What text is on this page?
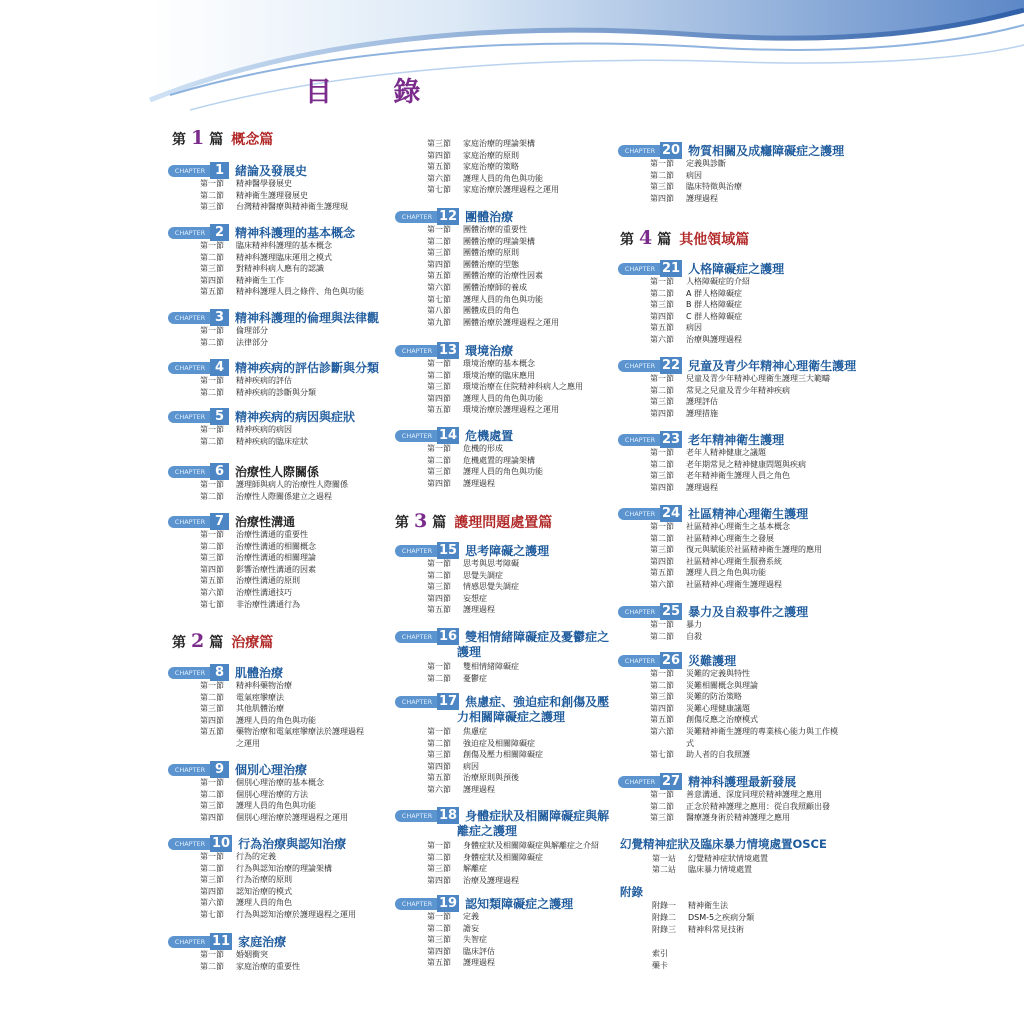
目 錄
第 1 篇 概念篇
第 2 篇 治療篇
第 3 篇 護理問題處置篇
第 4 篇 其他領域篇
CHAPTER 1 緒論及發展史
第一節 精神醫學發展史
第二節 精神衛生護理發展史
第三節 台灣精神醫療與精神衛生護理現
CHAPTER 2 精神科護理的基本概念
第一節 臨床精神科護理的基本概念
第二節 精神科護理臨床運用之模式
第三節 對精神科病人應有的認識
第四節 精神衛生工作
第五節 精神科護理人員之條件、角色與功能
CHAPTER 3 精神科護理的倫理與法律觀
第一節 倫理部分
第二節 法律部分
CHAPTER 4 精神疾病的評估診斷與分類
第一節 精神疾病的評估
第二節 精神疾病的診斷與分類
CHAPTER 5 精神疾病的病因與症狀
第一節 精神疾病的病因
第二節 精神疾病的臨床症狀
CHAPTER 6 治療性人際關係
第一節 護理師與病人的治療性人際關係
第二節 治療性人際關係建立之過程
CHAPTER 7 治療性溝通
第一節 治療性溝通的重要性
第二節 治療性溝通的相關概念
第三節 治療性溝通的相關理論
第四節 影響治療性溝通的因素
第五節 治療性溝通的原則
第六節 治療性溝通技巧
第七節 非治療性溝通行為
CHAPTER 8 肌體治療
第一節 精神科藥物治療
第二節 電氣痙攣療法
第三節 其他肌體治療
第四節 護理人員的角色與功能
第五節 藥物治療和電氣痙攣療法於護理過程
之運用
CHAPTER 9 個別心理治療
第一節 個別心理治療的基本概念
第二節 個別心理治療的方法
第三節 護理人員的角色與功能
第四節 個別心理治療於護理過程之運用
CHAPTER 10 行為治療與認知治療
第一節 行為的定義
第二節 行為與認知治療的理論架構
第三節 行為治療的原則
第四節 認知治療的模式
第六節 護理人員的角色
第七節 行為與認知治療於護理過程之運用
CHAPTER 11 家庭治療
第一節 婚姻衝突
第二節 家庭治療的重要性
第三節 家庭治療的理論架構
第四節 家庭治療的原則
第五節 家庭治療的策略
第六節 護理人員的角色與功能
第七節 家庭治療於護理過程之運用
CHAPTER 12 團體治療
第一節 團體治療的重要性
第二節 團體治療的理論架構
第三節 團體治療的原則
第四節 團體治療的型態
第五節 團體治療的治療性因素
第六節 團體治療師的養成
第七節 護理人員的角色與功能
第八節 團體成員的角色
第九節 團體治療於護理過程之運用
CHAPTER 13 環境治療
第一節 環境治療的基本概念
第二節 環境治療的臨床應用
第三節 環境治療在住院精神科病人之應用
第四節 護理人員的角色與功能
第五節 環境治療於護理過程之運用
CHAPTER 14 危機處置
第一節 危機的形成
第二節 危機處置的理論架構
第三節 護理人員的角色與功能
第四節 護理過程
CHAPTER 15 思考障礙之護理
第一節 思考與思考障礙
第二節 思覺失調症
第三節 情感思覺失調症
第四節 妄想症
第五節 護理過程
CHAPTER 16 雙相情緒障礙症及憂鬱症之
護理
第一節 雙相情緒障礙症
第二節 憂鬱症
CHAPTER 17 焦慮症、強迫症和創傷及壓
力相關障礙症之護理
第一節 焦慮症
第二節 強迫症及相關障礙症
第三節 創傷及壓力相關障礙症
第四節 病因
第五節 治療原則與預後
第六節 護理過程
CHAPTER 18 身體症狀及相關障礙症與解
離症之護理
第一節 身體症狀及相關障礙症與解離症之介紹
第二節 身體症狀及相關障礙症
第三節 解離症
第四節 治療及護理過程
CHAPTER 19 認知類障礙症之護理
第一節 定義
第二節 譫妄
第三節 失智症
第四節 臨床評估
第五節 護理過程
CHAPTER 20 物質相關及成癮障礙症之護理
第一節 定義與診斷
第二節 病因
第三節 臨床特徵與治療
第四節 護理過程
CHAPTER 21 人格障礙症之護理
第一節 人格障礙症的介紹
第二節 A 群人格障礙症
第三節 B 群人格障礙症
第四節 C 群人格障礙症
第五節 病因
第六節 治療與護理過程
CHAPTER 22 兒童及青少年精神心理衛生護理
第一節 兒童及青少年精神心理衛生護理三大範疇
第二節 常見之兒童及青少年精神疾病
第三節 護理評估
第四節 護理措施
CHAPTER 23 老年精神衛生護理
第一節 老年人精神健康之議題
第二節 老年期常見之精神健康問題與疾病
第三節 老年精神衛生護理人員之角色
第四節 護理過程
CHAPTER 24 社區精神心理衛生護理
第一節 社區精神心理衛生之基本概念
第二節 社區精神心理衛生之發展
第三節 復元與賦能於社區精神衛生護理的應用
第四節 社區精神心理衛生服務系統
第五節 護理人員之角色與功能
第六節 社區精神心理衛生護理過程
CHAPTER 25 暴力及自殺事件之護理
第一節 暴力
第二節 自殺
CHAPTER 26 災難護理
第一節 災難的定義與特性
第二節 災難相關概念與理論
第三節 災難的防治策略
第四節 災難心理健康議題
第五節 創傷反應之治療模式
第六節 災難精神衛生護理的專業核心能力與工作模
式
第七節 助人者的自我照護
CHAPTER 27 精神科護理最新發展
第一節 善意溝通、深度同理於精神護理之應用
第二節 正念於精神護理之應用：從自我照顧出發
第三節 醫療護身術於精神護理之應用
幻覺精神症狀及臨床暴力情境處置OSCE
第一站 幻覺精神症狀情境處置
第二站 臨床暴力情境處置
附錄
附錄一 精神衛生法
附錄二 DSM-5之疾病分類
附錄三 精神科常見技術
索引
藥卡
